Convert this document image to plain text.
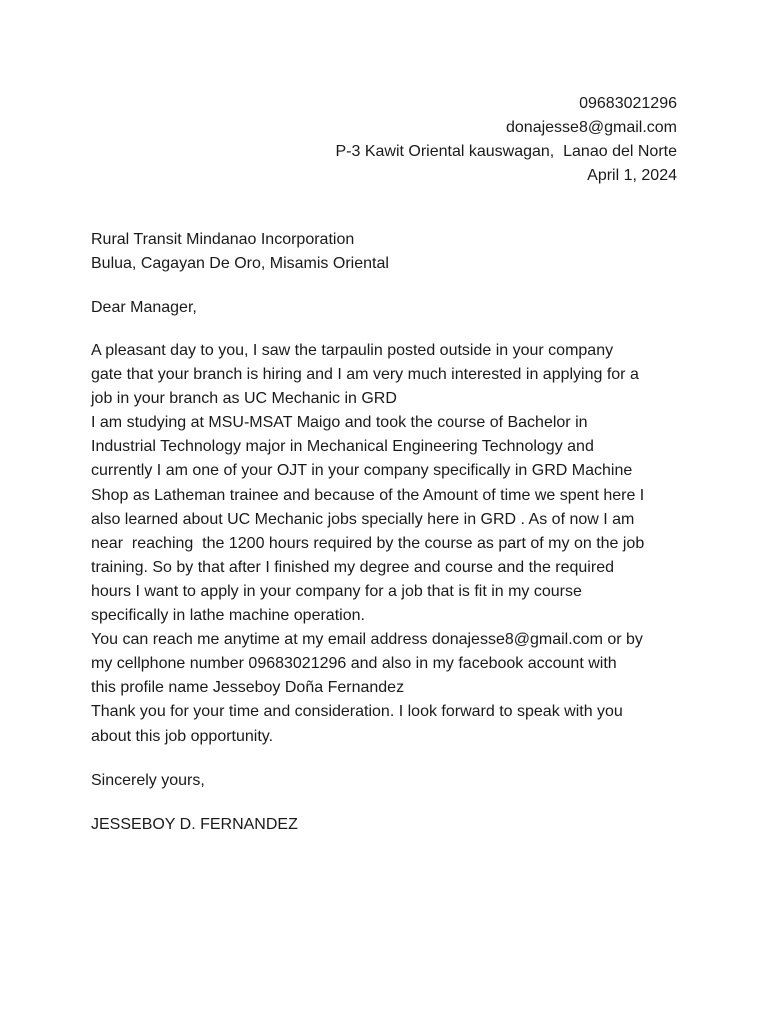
09683021296
donajesse8@gmail.com
P-3 Kawit Oriental kauswagan,  Lanao del Norte
April 1, 2024
Rural Transit Mindanao Incorporation
Bulua, Cagayan De Oro, Misamis Oriental
Dear Manager,
A pleasant day to you, I saw the tarpaulin posted outside in your company
gate that your branch is hiring and I am very much interested in applying for a
job in your branch as UC Mechanic in GRD
I am studying at MSU-MSAT Maigo and took the course of Bachelor in
Industrial Technology major in Mechanical Engineering Technology and
currently I am one of your OJT in your company specifically in GRD Machine
Shop as Latheman trainee and because of the Amount of time we spent here I
also learned about UC Mechanic jobs specially here in GRD . As of now I am
near  reaching  the 1200 hours required by the course as part of my on the job
training. So by that after I finished my degree and course and the required
hours I want to apply in your company for a job that is fit in my course
specifically in lathe machine operation.
You can reach me anytime at my email address donajesse8@gmail.com or by
my cellphone number 09683021296 and also in my facebook account with
this profile name Jesseboy Doña Fernandez
Thank you for your time and consideration. I look forward to speak with you
about this job opportunity.
Sincerely yours,
JESSEBOY D. FERNANDEZ
